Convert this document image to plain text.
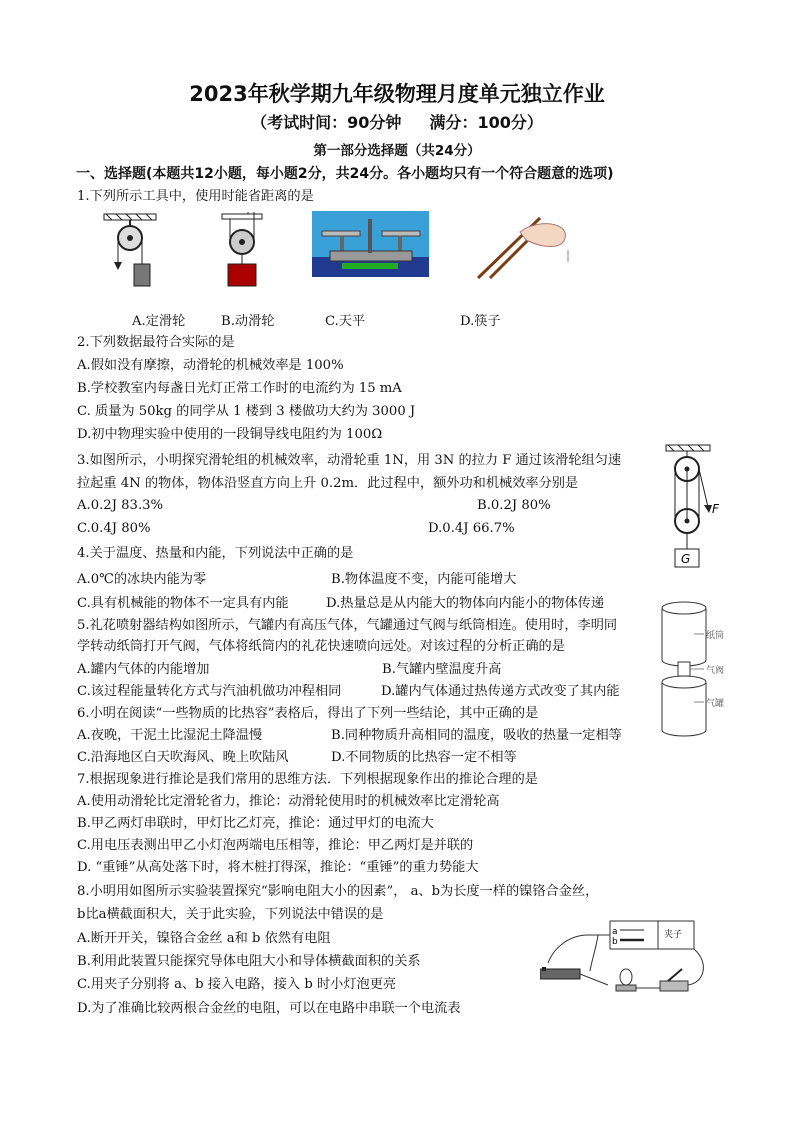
2023年秋学期九年级物理月度单元独立作业
（考试时间：90分钟 满分：100分）
第一部分选择题（共24分）
一、选择题(本题共12小题，每小题2分，共24分。各小题均只有一个符合题意的选项)
1.下列所示工具中，使用时能省距离的是
A.定滑轮	B.动滑轮	C.天平	D.筷子
2.下列数据最符合实际的是
A.假如没有摩擦，动滑轮的机械效率是 100%
B.学校教室内每盏日光灯正常工作时的电流约为 15 mA
C. 质量为 50kg 的同学从 1 楼到 3 楼做功大约为 3000 J
D.初中物理实验中使用的一段铜导线电阻约为 100Ω
3.如图所示，小明探究滑轮组的机械效率，动滑轮重 1N，用 3N 的拉力 F 通过该滑轮组匀速
拉起重 4N 的物体，物体沿竖直方向上升 0.2m．此过程中，额外功和机械效率分别是
A.0.2J 83.3%	B.0.2J 80%
C.0.4J 80%	D.0.4J 66.7%
F
G
4.关于温度、热量和内能，下列说法中正确的是
A.0℃的冰块内能为零	B.物体温度不变，内能可能增大
C.具有机械能的物体不一定具有内能	D.热量总是从内能大的物体向内能小的物体传递
5.礼花喷射器结构如图所示，气罐内有高压气体，气罐通过气阀与纸筒相连。使用时，李明同
学转动纸筒打开气阀，气体将纸筒内的礼花快速喷向远处。对该过程的分析正确的是
A.罐内气体的内能增加	B.气罐内壁温度升高
C.该过程能量转化方式与汽油机做功冲程相同	D.罐内气体通过热传递方式改变了其内能
纸筒
气阀
气罐
6.小明在阅读“一些物质的比热容”表格后，得出了下列一些结论，其中正确的是
A.夜晚，干泥土比湿泥土降温慢	B.同种物质升高相同的温度，吸收的热量一定相等
C.沿海地区白天吹海风、晚上吹陆风	D.不同物质的比热容一定不相等
7.根据现象进行推论是我们常用的思维方法．下列根据现象作出的推论合理的是
A.使用动滑轮比定滑轮省力，推论：动滑轮使用时的机械效率比定滑轮高
B.甲乙两灯串联时，甲灯比乙灯亮，推论：通过甲灯的电流大
C.用电压表测出甲乙小灯泡两端电压相等，推论：甲乙两灯是并联的
D. “重锤”从高处落下时，将木桩打得深，推论：“重锤”的重力势能大
8.小明用如图所示实验装置探究“影响电阻大小的因素”， a、b为长度一样的镍铬合金丝，
b比a横截面积大，关于此实验，下列说法中错误的是
A.断开开关，镍铬合金丝 a和 b 依然有电阻
B.利用此装置只能探究导体电阻大小和导体横截面积的关系
C.用夹子分别将 a、b 接入电路，接入 b 时小灯泡更亮
D.为了准确比较两根合金丝的电阻，可以在电路中串联一个电流表
a
b
夹子
